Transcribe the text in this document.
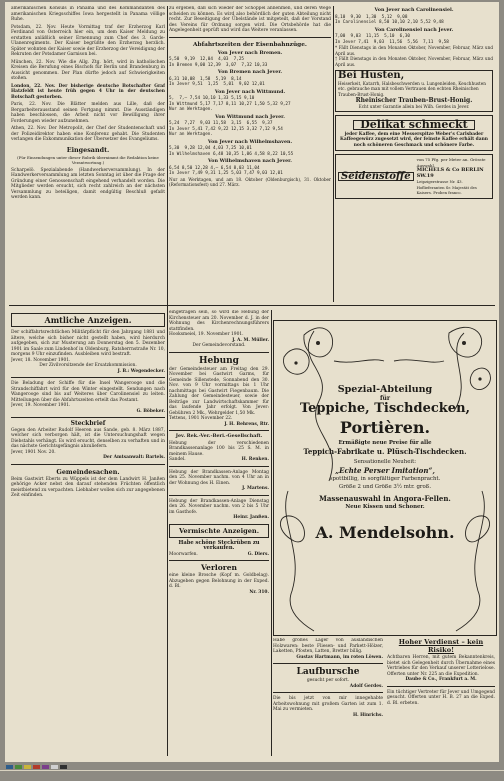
amerikanischen Konsuls in Panama und des Kommandanten des amerikanischen Kriegsschiffes Iowa hergestellt in Panama völlige Ruhe.

Potsdam, 22. Nov. Heute Vormittag traf der Erzherzog Karl Ferdinand von Österreich hier ein, um dem Kaiser Meldung zu erstatten anläßlich seiner Ernennung zum Chef des 3. Garde-Ulanenregiments. Der Kaiser begrüßte den Erzherzog herzlich. Später wohnten der Kaiser sowie der Erzherzog der Vereidigung der Rekruten der Potsdamer Garnison bei.

München, 22. Nov. Wie die Allg. Ztg. hört, wird in katholischen Kreisen die Berufung eines Bischofs für Berlin und Brandenburg in Aussicht genommen. Der Plan dürfte jedoch auf Schwierigkeiten stoßen.

London, 22. Nov. Der bisherige deutsche Botschafter Graf Hatzfeldt ist heute früh gegen 4 Uhr in der deutschen Botschaft gestorben.

Paris, 22. Nov. Die Blätter melden aus Lille, daß der Bergarbeiterausstand seinen Fortgang nimmt. Die Ausständigen haben beschlossen, die Arbeit nicht vor Bewilligung ihrer Forderungen wieder aufzunehmen.

Athen, 22. Nov. Der Metropolit, der Chef der Studentenschaft und der Polizeidirektor haben eine Konferenz gehabt. Die Studenten verlangen die Exkommunikation der Übersetzer des Evangeliums.

Eingesandt.
(Für Einsendungen unter dieser Rubrik übernimmt die Redaktion keine Verantwortung.)

Scharpelö. Spezialabende (Handwerkerversammlung). In der Handwerkerversammlung am letzten Sonntag ist über die Frage der Gründung einer Genossenschaft eingehend verhandelt worden. Die Mitglieder werden ersucht, sich recht zahlreich an der nächsten Versammlung zu beteiligen, damit endgültig Beschluß gefaßt werden kann.

Amtliche Anzeigen.

Der schiffahrtsrechtlichen Militärpflicht für den Jahrgang 1881 und ältere, welche sich bisher nicht gestellt haben, wird hierdurch aufgegeben, sich zur Musterung am Donnerstag den 5. Dezember 1901 im Saale zum Lindenhof in Oldenburg, Ratsherrnstraße Nr. 10, morgens 9 Uhr einzufinden. Ausbleiben wird bestraft.

Jever, 18. November 1901.
Der Zivilvorsitzende der Ersatzkommission.
J. B.: Wegendecker.

Die Beladung der Schiffe für die Insel Wangerooge und die Strandschiffahrt wird für den Winter eingestellt. Sendungen nach Wangerooge sind bis auf Weiteres über Carolinensiel zu leiten. Mitteilungen über die Abfahrtszeiten erteilt das Postamt.

Jever, 19. November 1901.
G. Böbeker.
Steckbrief

Gegen den Arbeiter Rudolf Heeren aus Sande, geb. 8. März 1887, welcher sich verborgen hält, ist die Untersuchungshaft wegen Diebstahls verhängt. Es wird ersucht, denselben zu verhaften und in das nächste Gerichtsgefängnis abzuliefern.

Jever, 1901 Nov. 20.
Der Amtsanwalt: Bartels.
Gemeindesachen.

Beim Gastwirt Eberts zu Wüppels ist der dem Landwirt H. Janßen gehörige Acker nebst den darauf stehenden Früchten öffentlich meistbietend zu verpachten. Liebhaber wollen sich zur angegebenen Zeit einfinden.

zu ergeben, daß sich wieder der Schoppel annehmen, und deren Wege scheiden zu können. Es wird also behördlich der guten Abteilung nicht recht. Zur Beseitigung der Übelstände ist mitgeteilt, daß der Vorstand des Vereins für Ordnung sorgen wird. Die Ortsbehörde hat die Angelegenheit geprüft und wird das Weitere veranlassen.

Abfahrtszeiten der Eisenbahnzüge.
Von Jever nach Bremen.
5,50  9,19  12,04  4,03  7,25
In Bremen 9,00 12,39  3,07  7,32 10,33
Von Bremen nach Jever.
6,31 10,08  1,58  5,19  8,14
In Jever 9,51  1,25  5,01  9,02 12,01
Von Jever nach Wittmund.
5,  7,— 7,54 10,10 1,33 5,15 9,10
In Wittmund 5,17 7,17 8,11 10,27 1,50 5,32 9,27
Nur an Werktagen.
Von Wittmund nach Jever.
5,24  7,27  9,03 11,58  3,15  6,55  9,37
In Jever 5,41 7,42 9,22 12,15 3,32 7,12 9,54
Nur an Werktagen.
Von Jever nach Wilhelmshaven.
5,30  9,28 12,04 4,03 7,25 10,01
In Wilhelmshaven 6,48 10,35 1,06 4,58 8,22 10,55
Von Wilhelmshaven nach Jever.
6,54 8,50 12,28 4,— 6,54 8,03 11,04
In Jever 7,49 9,31 1,25 5,03 7,47 9,03 12,01
Nur an Werktagen, und am 18. Oktober (Oldenburgisch), 31. Oktober (Reformationsfest) und 27. März.

eingetragen sein, so wird die Hebung der Kirchensteuer am 20. November d. J. in der Wohnung des Kirchenrechnungsführers stattfinden.

Hooksmeiel, 19. November 1901.
J. A. M. Müller.
Der Gemeindevorstand.
Hebung

der Gemeindesteuer am Freitag den 29. November bei Gastwirt Garms, für Gemeinde Sillenstede, Sonnabend den 30. Nov. von 9 Uhr vormittags bis 1 Uhr nachmittags bei Gastwirt Fiegenbaum. Die Zahlung der Gemeindesteuer, sowie der Beiträge zur Landwirtschaftskammer für das laufende Jahr erfolgt. Von Jever: Gebühren 2 Mk., Wehrgelder 1,50 Mk.

Tettens, 1901 November 22.
J. H. Behrens, Rtr.
Jev. Rek.-Ver.-Beri.-Gesellschaft.

Hebung der verschiedenen Brandkassenanlage 100 bis 25 S. M. in meinem Hause.

Sandel.	H. Renken.

Hebung der Brandkassen-Anlage Montag den 25. November nachm. von 4 Uhr an in der Wohnung des H. Einen.

J. Martens.

Hebung der Brandkassen-Anlage Dienstag den 26. November nachm. von 2 bis 5 Uhr im Gasthofe.

Heinr. Janßen.
Vermischte Anzeigen.
Habe schöne Steckrüben zu verkaufen.
Moorwarfen.	G. Diers.
Verloren

eine kleine Brosche (Kopf m. Goldbelag). Abzugeben gegen Belohnung in der Exped. d. Bl.

Nr. 310.
Spezial-Abteilung
für
Teppiche, Tischdecken,
Portièren.
Ermäßigte neue Preise für alle
Teppich-Fabrikate u. Plüsch-Tischdecken.
Sensationelle Neuheit:
„Echte Perser Imitation“,
spottbillig, in sorgfältiger Farbenpracht.
Größe 2 und Größe 3½ mtr. groß.
Massenauswahl in Angora-Fellen.
Neue Kissen und Schoner.
A. Mendelsohn.
Von Jever nach Carolinensiel.
8,10  9,30  1,30  5,12  9,08
In Carolinensiel 8,50 10,10 2,10 5,52 9,48
Von Carolinensiel nach Jever.
7,00  9,03  11,15  5,10  6,30
In Jever 7,41  9,03  11,56  5,56  7,11  9,58
* Fällt Dienstags in den Monaten Oktober, November, Februar, März und April aus.
† Fällt Dienstags in den Monaten Oktober, November, Februar, März und April aus.
Bei Husten,
Heiserkeit, Katarrh, Halsbeschwerden u. Lungenleiden, Keuchhusten etc. gebrauche man mit vollem Vertrauen den echten Rheinischen Trauben-Brust-Honig.
Rheinischer Trauben-Brust-Honig.
Echt unter Garantie allein bei Wilh. Gerdes in Jever.
Delikat schmeckt
jeder Kaffee, dem eine Messerspitze Weber's Carlsbader Kaffeegewürz zugesetzt wird, der feinste Kaffee erhält dann noch schöneren Geschmack und schönere Farbe.
Seidenstoffe
von 75 Pfg. per Meter an. Grösste Auswahl.
MICHELS & Co BERLIN SW.19
Leipzigerstrasse Nr. 43. Hoflieferanten Sr. Majestät des Kaisers. Proben franco.

Habe großes Lager von ausländischen Holzwaren: beste Fliesen- und Parkett-Hölzer, Laketten, Pfosten, Latten, Bretter billig.

Gustav Hartmann, im roten Löwen.
Laufbursche
gesucht per sofort.
Adolf Gerdes.

Die bis jetzt von mir innegehabte Arbeitswohnung mit großem Garten ist zum 1. Mai zu vermieten.

H. Hinrichs.
Hoher Verdienst – kein Risiko!

Achtbaren Herren, mit gutem Bekanntenkreis, bietet sich Gelegenheit durch Übernahme eines Vertriebes für den Verkauf unserer Lotterielose. Offerten unter Nr. 225 an die Expedition.

Daube & Co., Frankfurt a. M.

Ein tüchtiger Vertreter für Jever und Umgegend gesucht. Offerten unter H. B. 27 an die Exped. d. Bl. erbeten.
